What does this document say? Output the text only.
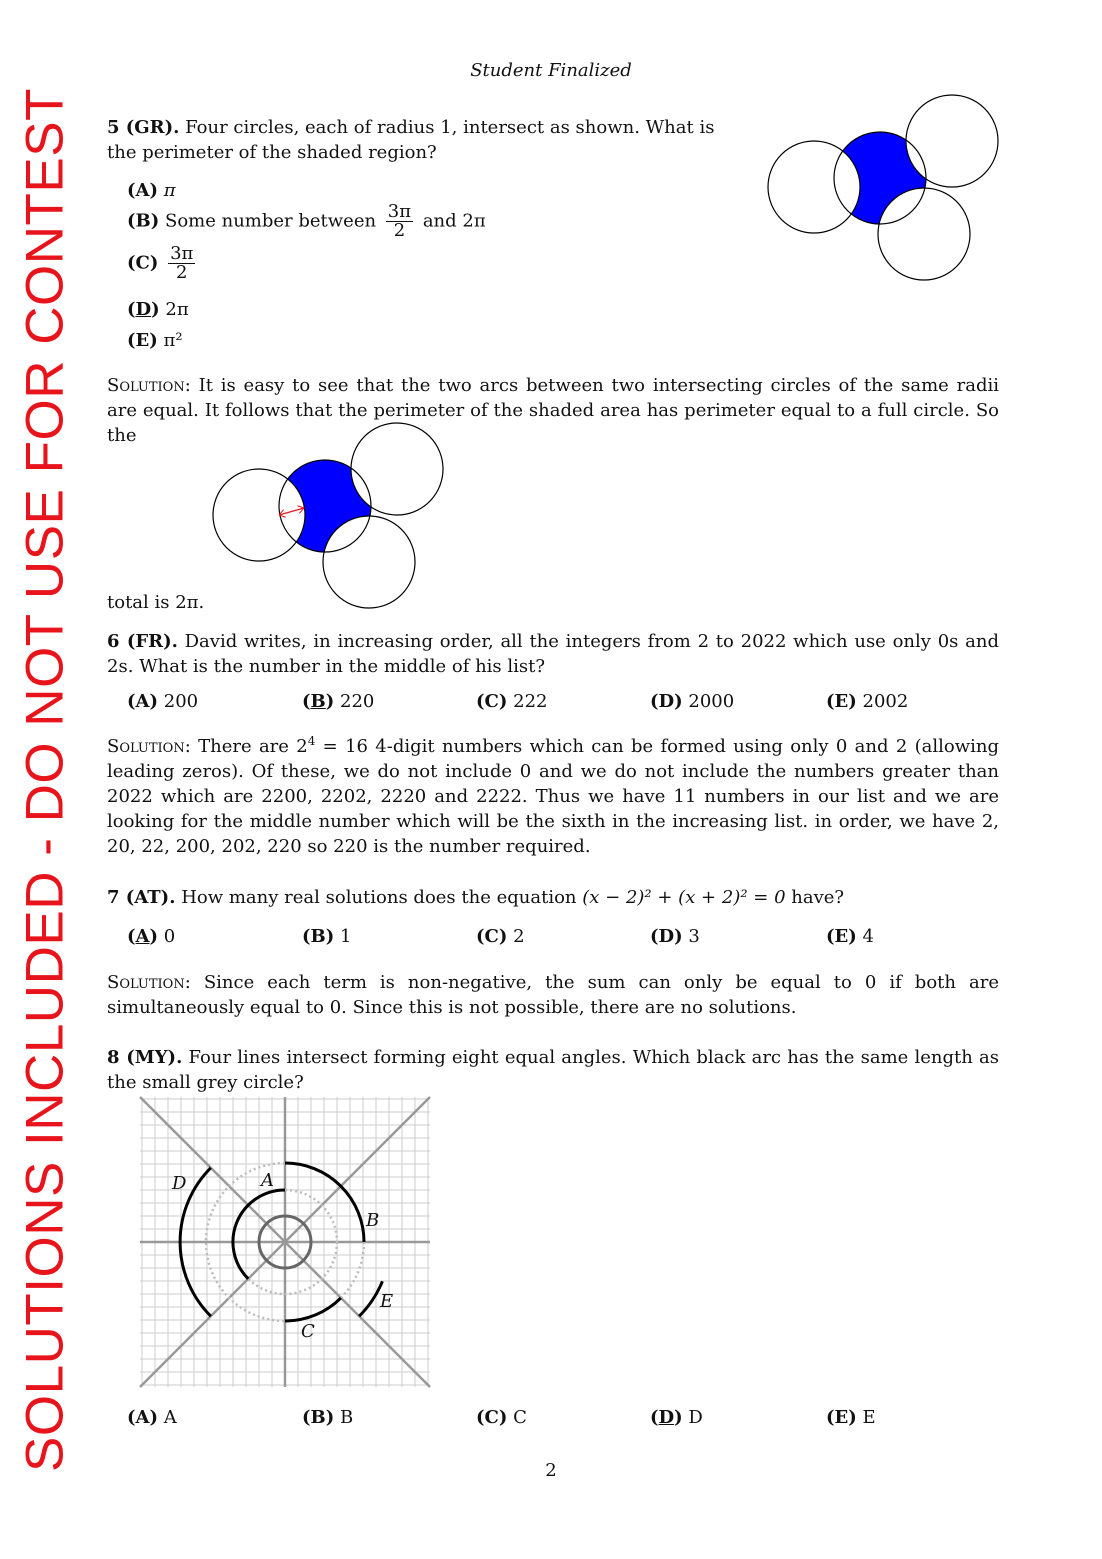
SOLUTIONS INCLUDED - DO NOT USE FOR CONTEST
Student Finalized
5 (GR). Four circles, each of radius 1, intersect as shown. What is the perimeter of the shaded region?
(A) π
(B) Some number between $\frac{3\pi}{2}$ and 2π
$(C) \frac{3\pi}{2}$
(D) 2π
(E) π²
Solution: It is easy to see that the two arcs between two intersecting circles of the same radii are equal. It follows that the perimeter of the shaded area has perimeter equal to a full circle. So the
total is 2π.
6 (FR). David writes, in increasing order, all the integers from 2 to 2022 which use only 0s and 2s. What is the number in the middle of his list?
(A) 200	(B) 220	(C) 222	(D) 2000	(E) 2002
Solution: There are $2^4 = 16$ 4-digit numbers which can be formed using only 0 and 2 (allowing leading zeros). Of these, we do not include 0 and we do not include the numbers greater than 2022 which are 2200, 2202, 2220 and 2222. Thus we have 11 numbers in our list and we are looking for the middle number which will be the sixth in the increasing list. in order, we have 2, 20, 22, 200, 202, 220 so 220 is the number required.
7 (AT). How many real solutions does the equation (x − 2)² + (x + 2)² = 0 have?
(A) 0	(B) 1	(C) 2	(D) 3	(E) 4
Solution: Since each term is non-negative, the sum can only be equal to 0 if both are simultaneously equal to 0. Since this is not possible, there are no solutions.
8 (MY). Four lines intersect forming eight equal angles. Which black arc has the same length as the small grey circle?
D	A
B
E
C
(A) A	(B) B	(C) C	(D) D	(E) E
2
